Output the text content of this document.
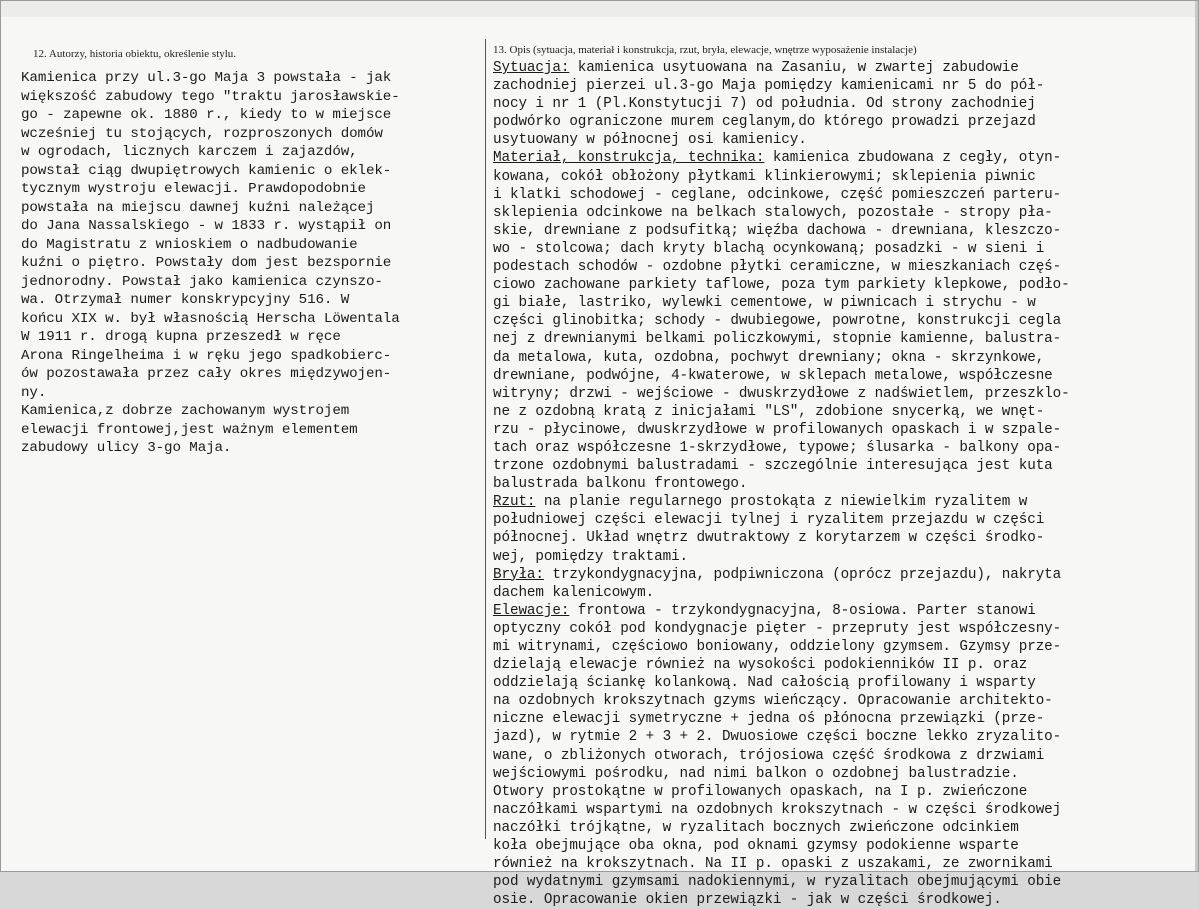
12. Autorzy, historia obiektu, określenie stylu.
Kamienica przy ul.3-go Maja 3 powstała - jak
większość zabudowy tego "traktu jarosławskie-
go - zapewne ok. 1880 r., kiedy to w miejsce
wcześniej tu stojących, rozproszonych domów
w ogrodach, licznych karczem i zajazdów,
powstał ciąg dwupiętrowych kamienic o eklek-
tycznym wystroju elewacji. Prawdopodobnie
powstała na miejscu dawnej kuźni należącej
do Jana Nassalskiego - w 1833 r. wystąpił on
do Magistratu z wnioskiem o nadbudowanie
kuźni o piętro. Powstały dom jest bezspornie
jednorodny. Powstał jako kamienica czynszo-
wa. Otrzymał numer konskrypcyjny 516. W
końcu XIX w. był własnością Herscha Löwentala
W 1911 r. drogą kupna przeszedł w ręce
Arona Ringelheima i w ręku jego spadkobierc-
ów pozostawała przez cały okres międzywojen-
ny.
Kamienica,z dobrze zachowanym wystrojem
elewacji frontowej,jest ważnym elementem
zabudowy ulicy 3-go Maja.
13. Opis (sytuacja, materiał i konstrukcja, rzut, bryła, elewacje, wnętrze wyposażenie instalacje)
Sytuacja: kamienica usytuowana na Zasaniu, w zwartej zabudowie
zachodniej pierzei ul.3-go Maja pomiędzy kamienicami nr 5 do pół-
nocy i nr 1 (Pl.Konstytucji 7) od południa. Od strony zachodniej
podwórko ograniczone murem ceglanym,do którego prowadzi przejazd
usytuowany w północnej osi kamienicy.
Materiał, konstrukcja, technika: kamienica zbudowana z cegły, otyn-
kowana, cokół obłożony płytkami klinkierowymi; sklepienia piwnic
i klatki schodowej - ceglane, odcinkowe, część pomieszczeń parteru-
sklepienia odcinkowe na belkach stalowych, pozostałe - stropy pła-
skie, drewniane z podsufitką; więźba dachowa - drewniana, kleszczo-
wo - stolcowa; dach kryty blachą ocynkowaną; posadzki - w sieni i
podestach schodów - ozdobne płytki ceramiczne, w mieszkaniach częś-
ciowo zachowane parkiety taflowe, poza tym parkiety klepkowe, podło-
gi białe, lastriko, wylewki cementowe, w piwnicach i strychu - w
części glinobitka; schody - dwubiegowe, powrotne, konstrukcji cegla
nej z drewnianymi belkami policzkowymi, stopnie kamienne, balustra-
da metalowa, kuta, ozdobna, pochwyt drewniany; okna - skrzynkowe,
drewniane, podwójne, 4-kwaterowe, w sklepach metalowe, współczesne
witryny; drzwi - wejściowe - dwuskrzydłowe z nadświetlem, przeszklo-
ne z ozdobną kratą z inicjałami "LS", zdobione snycerką, we wnęt-
rzu - płycinowe, dwuskrzydłowe w profilowanych opaskach i w szpale-
tach oraz współczesne 1-skrzydłowe, typowe; ślusarka - balkony opa-
trzone ozdobnymi balustradami - szczególnie interesująca jest kuta
balustrada balkonu frontowego.
Rzut: na planie regularnego prostokąta z niewielkim ryzalitem w
południowej części elewacji tylnej i ryzalitem przejazdu w części
północnej. Układ wnętrz dwutraktowy z korytarzem w części środko-
wej, pomiędzy traktami.
Bryła: trzykondygnacyjna, podpiwniczona (oprócz przejazdu), nakryta
dachem kalenicowym.
Elewacje: frontowa - trzykondygnacyjna, 8-osiowa. Parter stanowi
optyczny cokół pod kondygnacje pięter - przepruty jest współczesny-
mi witrynami, częściowo boniowany, oddzielony gzymsem. Gzymsy prze-
dzielają elewacje również na wysokości podokienników II p. oraz
oddzielają ściankę kolankową. Nad całością profilowany i wsparty
na ozdobnych krokszytnach gzyms wieńczący. Opracowanie architekto-
niczne elewacji symetryczne + jedna oś płónocna przewiązki (prze-
jazd), w rytmie 2 + 3 + 2. Dwuosiowe części boczne lekko zryzalito-
wane, o zbliżonych otworach, trójosiowa część środkowa z drzwiami
wejściowymi pośrodku, nad nimi balkon o ozdobnej balustradzie.
Otwory prostokątne w profilowanych opaskach, na I p. zwieńczone
naczółkami wspartymi na ozdobnych krokszytnach - w części środkowej
naczółki trójkątne, w ryzalitach bocznych zwieńczone odcinkiem
koła obejmujące oba okna, pod oknami gzymsy podokienne wsparte
również na krokszytnach. Na II p. opaski z uszakami, ze zwornikami
pod wydatnymi gzymsami nadokiennymi, w ryzalitach obejmującymi obie
osie. Opracowanie okien przewiązki - jak w części środkowej.
